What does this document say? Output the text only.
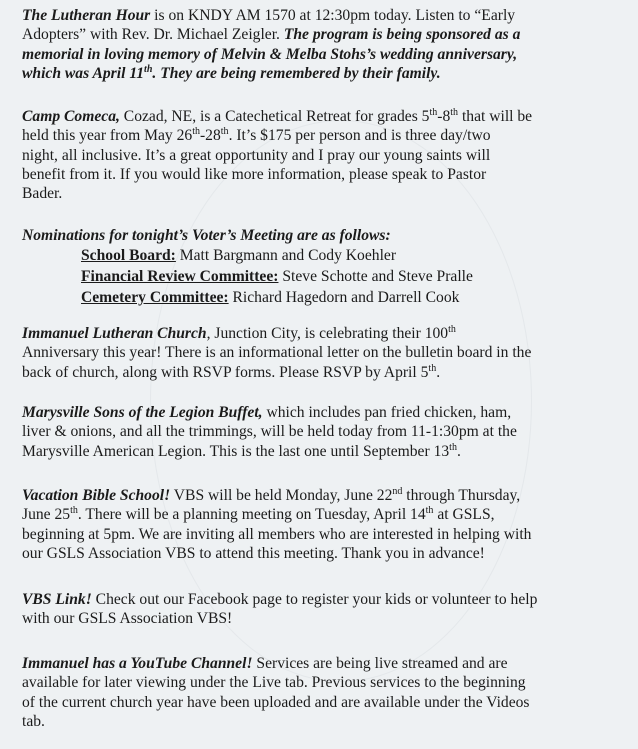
The Lutheran Hour is on KNDY AM 1570 at 12:30pm today. Listen to “Early
Adopters” with Rev. Dr. Michael Zeigler. The program is being sponsored as a
memorial in loving memory of Melvin & Melba Stohs’s wedding anniversary,
which was April 11th. They are being remembered by their family.
Camp Comeca, Cozad, NE, is a Catechetical Retreat for grades 5th-8th that will be
held this year from May 26th-28th. It’s $175 per person and is three day/two
night, all inclusive. It’s a great opportunity and I pray our young saints will
benefit from it. If you would like more information, please speak to Pastor
Bader.
Nominations for tonight’s Voter’s Meeting are as follows:
School Board: Matt Bargmann and Cody Koehler
Financial Review Committee: Steve Schotte and Steve Pralle
Cemetery Committee: Richard Hagedorn and Darrell Cook
Immanuel Lutheran Church, Junction City, is celebrating their 100th
Anniversary this year! There is an informational letter on the bulletin board in the
back of church, along with RSVP forms. Please RSVP by April 5th.
Marysville Sons of the Legion Buffet, which includes pan fried chicken, ham,
liver & onions, and all the trimmings, will be held today from 11-1:30pm at the
Marysville American Legion. This is the last one until September 13th.
Vacation Bible School! VBS will be held Monday, June 22nd through Thursday,
June 25th. There will be a planning meeting on Tuesday, April 14th at GSLS,
beginning at 5pm. We are inviting all members who are interested in helping with
our GSLS Association VBS to attend this meeting. Thank you in advance!
VBS Link! Check out our Facebook page to register your kids or volunteer to help
with our GSLS Association VBS!
Immanuel has a YouTube Channel! Services are being live streamed and are
available for later viewing under the Live tab. Previous services to the beginning
of the current church year have been uploaded and are available under the Videos
tab.
